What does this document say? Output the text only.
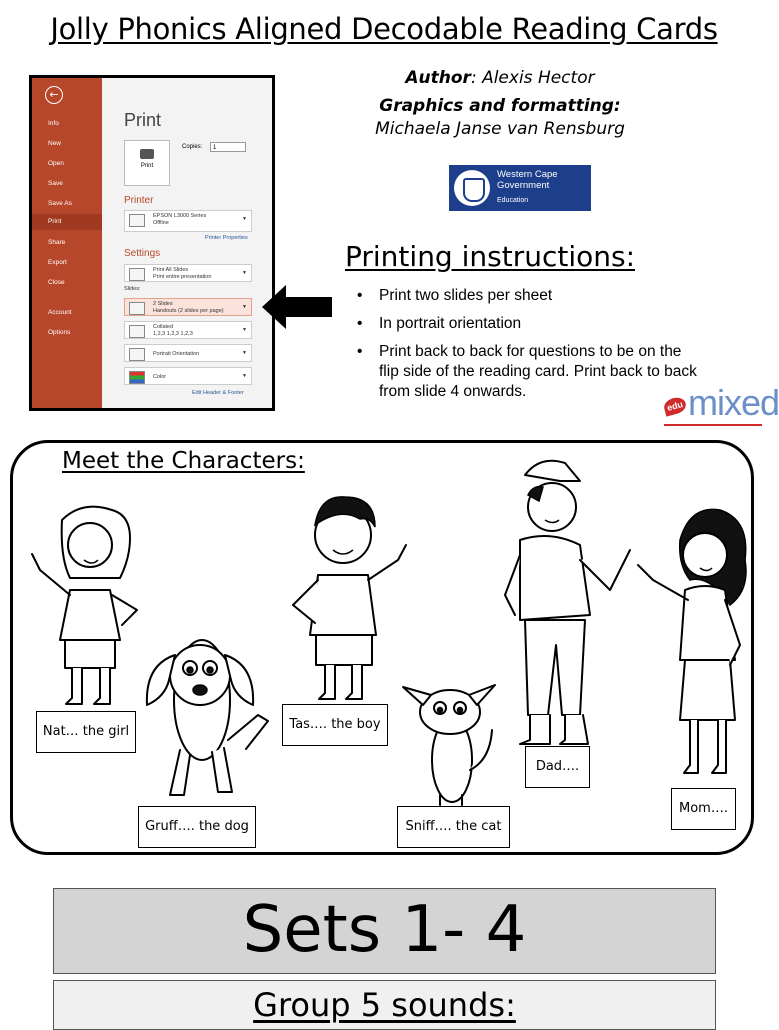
Jolly Phonics Aligned Decodable Reading Cards
←
Info
New
Open
Save
Save As
Print
Share
Export
Close
Account
Options
Print
Print
Copies:	1
Printer
EPSON L3000 Series
Offline
▼
Printer Properties
Settings
Print All Slides
Print entire presentation
▼
Slides:
2 Slides
Handouts (2 slides per page)
▼
Collated
1,2,3 1,2,3 1,2,3
▼
Portrait Orientation	▼
Color	▼
Edit Header & Footer
Author: Alexis Hector
Graphics and formatting:
Michaela Janse van Rensburg
Western Cape
Government
Education
Printing instructions:
• Print two slides per sheet
• In portrait orientation
• Print back to back for questions to be on the flip side of the reading card. Print back to back from slide 4 onwards.
edu mixed
Meet the Characters:
Nat… the girl
Gruff…. the dog
Tas…. the boy
Sniff…. the cat
Dad….
Mom….
Sets 1- 4
Group 5 sounds:
